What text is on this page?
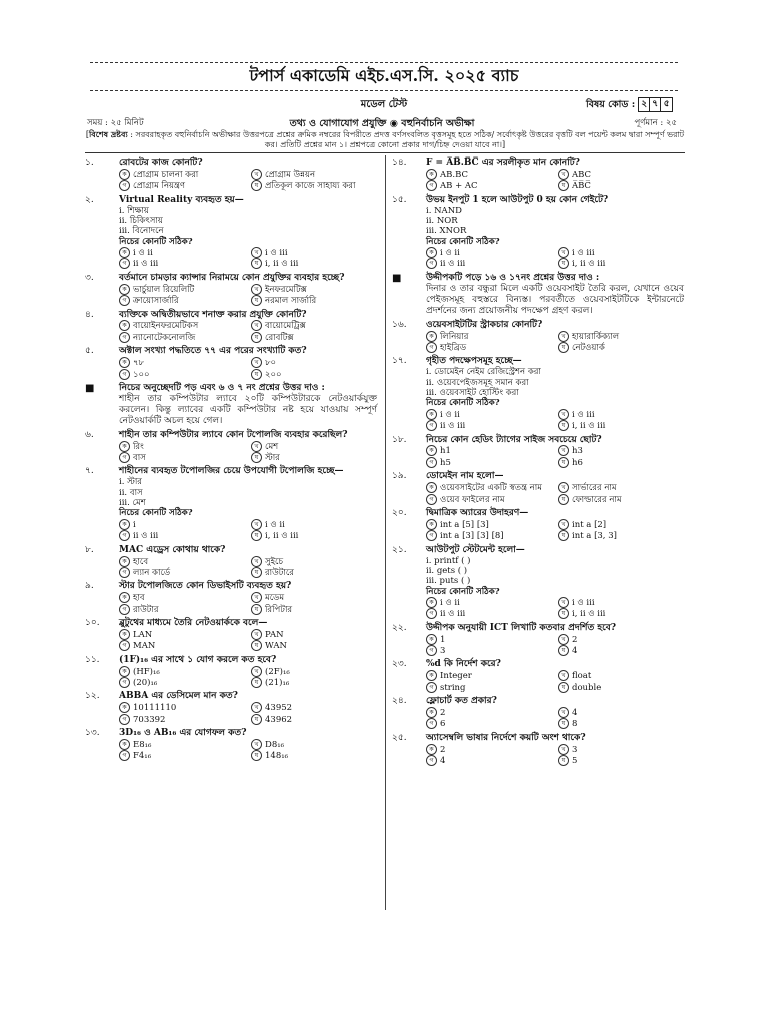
টপার্স একাডেমি এইচ.এস.সি. ২০২৫ ব্যাচ
মডেল টেস্ট	বিষয় কোড : ২ ৭ ৫
সময় : ২৫ মিনিট	তথ্য ও যোগাযোগ প্রযুক্তি ◉ বহুনির্বাচনি অভীক্ষা	পূর্ণমান : ২৫
[বিশেষ দ্রষ্টব্য : সরবরাহকৃত বহুনির্বাচনি অভীক্ষার উত্তরপত্রে প্রশ্নের ক্রমিক নম্বরের বিপরীতে প্রদত্ত বর্ণসংবলিত বৃত্তসমূহ হতে সঠিক/ সর্বোৎকৃষ্ট উত্তরের বৃত্তটি বল পয়েন্ট কলম দ্বারা সম্পূর্ণ ভরাট কর। প্রতিটি প্রশ্নের মান ১। প্রশ্নপত্রে কোনো প্রকার দাগ/চিহ্ন দেওয়া যাবে না।]
১.	রোবটের কাজ কোনটি?
ক প্রোগ্রাম চালনা করা	খ প্রোগ্রাম উন্নয়ন
গ প্রোগ্রাম নিয়ন্ত্রণ	ঘ প্রতিকূল কাজে সাহায্য করা
২.	Virtual Reality ব্যবহৃত হয়—
i. শিক্ষায়
ii. চিকিৎসায়
iii. বিনোদনে
নিচের কোনটি সঠিক?
ক i ও ii	খ i ও iii
গ ii ও iii	ঘ i, ii ও iii
৩.	বর্তমানে চামড়ার ক্যান্সার নিরাময়ে কোন প্রযুক্তির ব্যবহার হচ্ছে?
ক ভার্চুয়াল রিয়েলিটি	খ ইনফরমেটিক্স
গ ক্রায়োসার্জারি	ঘ নরমাল সার্জারি
৪.	ব্যক্তিকে অদ্বিতীয়ভাবে শনাক্ত করার প্রযুক্তি কোনটি?
ক বায়োইনফরমেটিকস	খ বায়োমেট্রিক্স
গ ন্যানোটেকনোলজি	ঘ রোবটিক্স
৫.	অক্টাল সংখ্যা পদ্ধতিতে ৭৭ এর পরের সংখ্যাটি কত?
ক ৭৮	খ ৮০
গ ১০০	ঘ ২০০
■	নিচের অনুচ্ছেদটি পড় এবং ৬ ও ৭ নং প্রশ্নের উত্তর দাও :
শাহীন তার কম্পিউটার ল্যাবে ২০টি কম্পিউটারকে নেটওয়ার্কযুক্ত করলেন। কিন্তু ল্যাবের একটি কম্পিউটার নষ্ট হয়ে যাওয়ায় সম্পূর্ণ নেটওয়ার্কটি অচল হয়ে গেল।
৬.	শাহীন তার কম্পিউটার ল্যাবে কোন টপোলজি ব্যবহার করেছিল?
ক রিং	খ মেশ
গ বাস	ঘ স্টার
৭.	শাহীনের ব্যবহৃত টপোলজির চেয়ে উপযোগী টপোলজি হচ্ছে—
i. স্টার
ii. বাস
iii. মেশ
নিচের কোনটি সঠিক?
ক i	খ i ও ii
গ ii ও iii	ঘ i, ii ও iii
৮.	MAC এড্রেস কোথায় থাকে?
ক হাবে	খ সুইচে
গ ল্যান কার্ডে	ঘ রাউটারে
৯.	স্টার টপোলজিতে কোন ডিভাইসটি ব্যবহৃত হয়?
ক হাব	খ মডেম
গ রাউটার	ঘ রিপিটার
১০.	ব্লুটুথের মাধ্যমে তৈরি নেটওয়ার্ককে বলে—
ক LAN	খ PAN
গ MAN	ঘ WAN
১১.	(1F)₁₆ এর সাথে ১ যোগ করলে কত হবে?
ক (HF)₁₆	খ (2F)₁₆
গ (20)₁₆	ঘ (21)₁₆
১২.	ABBA এর ডেসিমেল মান কত?
ক 10111110	খ 43952
গ 703392	ঘ 43962
১৩.	3D₁₆ ও AB₁₆ এর যোগফল কত?
ক E8₁₆	খ D8₁₆
গ F4₁₆	ঘ 148₁₆
১৪.	F = A̅B̅.B̅C̅ এর সরলীকৃত মান কোনটি?
ক AB.BC	খ ABC
গ AB + AC	ঘ A̅B̅C̅
১৫.	উভয় ইনপুট 1 হলে আউটপুট 0 হয় কোন গেইটে?
i. NAND
ii. NOR
iii. XNOR
নিচের কোনটি সঠিক?
ক i ও ii	খ i ও iii
গ ii ও iii	ঘ i, ii ও iii
■	উদ্দীপকটি পড়ে ১৬ ও ১৭নং প্রশ্নের উত্তর দাও :
দিনার ও তার বন্ধুরা মিলে একটি ওয়েবসাইট তৈরি করল, যেখানে ওয়েব পেইজসমূহ বহুস্তরে বিন্যস্ত। পরবর্তীতে ওয়েবসাইটটিকে ইন্টারনেটে প্রদর্শনের জন্য প্রয়োজনীয় পদক্ষেপ গ্রহণ করল।
১৬.	ওয়েবসাইটটির স্ট্রাকচার কোনটি?
ক লিনিয়ার	খ হায়ারার্কিক্যাল
গ হাইব্রিড	ঘ নেটওয়ার্ক
১৭.	গৃহীত পদক্ষেপসমূহ হচ্ছে—
i. ডোমেইন নেইম রেজিস্ট্রেশন করা
ii. ওয়েবপেইজসমূহ সমান করা
iii. ওয়েবসাইট হোস্টিং করা
নিচের কোনটি সঠিক?
ক i ও ii	খ i ও iii
গ ii ও iii	ঘ i, ii ও iii
১৮.	নিচের কোন হেডিং ট্যাগের সাইজ সবচেয়ে ছোট?
ক h1	খ h3
গ h5	ঘ h6
১৯.	ডোমেইন নাম হলো—
ক ওয়েবসাইটের একটি স্বতন্ত্র নাম	খ সার্ভারের নাম
গ ওয়েব ফাইলের নাম	ঘ ফোল্ডারের নাম
২০.	দ্বিমাত্রিক অ্যারের উদাহরণ—
ক int a [5] [3]	খ int a [2]
গ int a [3] [3] [8]	ঘ int a [3, 3]
২১.	আউটপুট স্টেটমেন্ট হলো—
i. printf ( )
ii. gets ( )
iii. puts ( )
নিচের কোনটি সঠিক?
ক i ও ii	খ i ও iii
গ ii ও iii	ঘ i, ii ও iii
২২.	উদ্দীপক অনুযায়ী ICT লিখাটি কতবার প্রদর্শিত হবে?
ক 1	খ 2
গ 3	ঘ 4
২৩.	%d কি নির্দেশ করে?
ক Integer	খ float
গ string	ঘ double
২৪.	ফ্লোচার্ট কত প্রকার?
ক 2	খ 4
গ 6	ঘ 8
২৫.	অ্যাসেম্বলি ভাষার নির্দেশে কয়টি অংশ থাকে?
ক 2	খ 3
গ 4	ঘ 5
